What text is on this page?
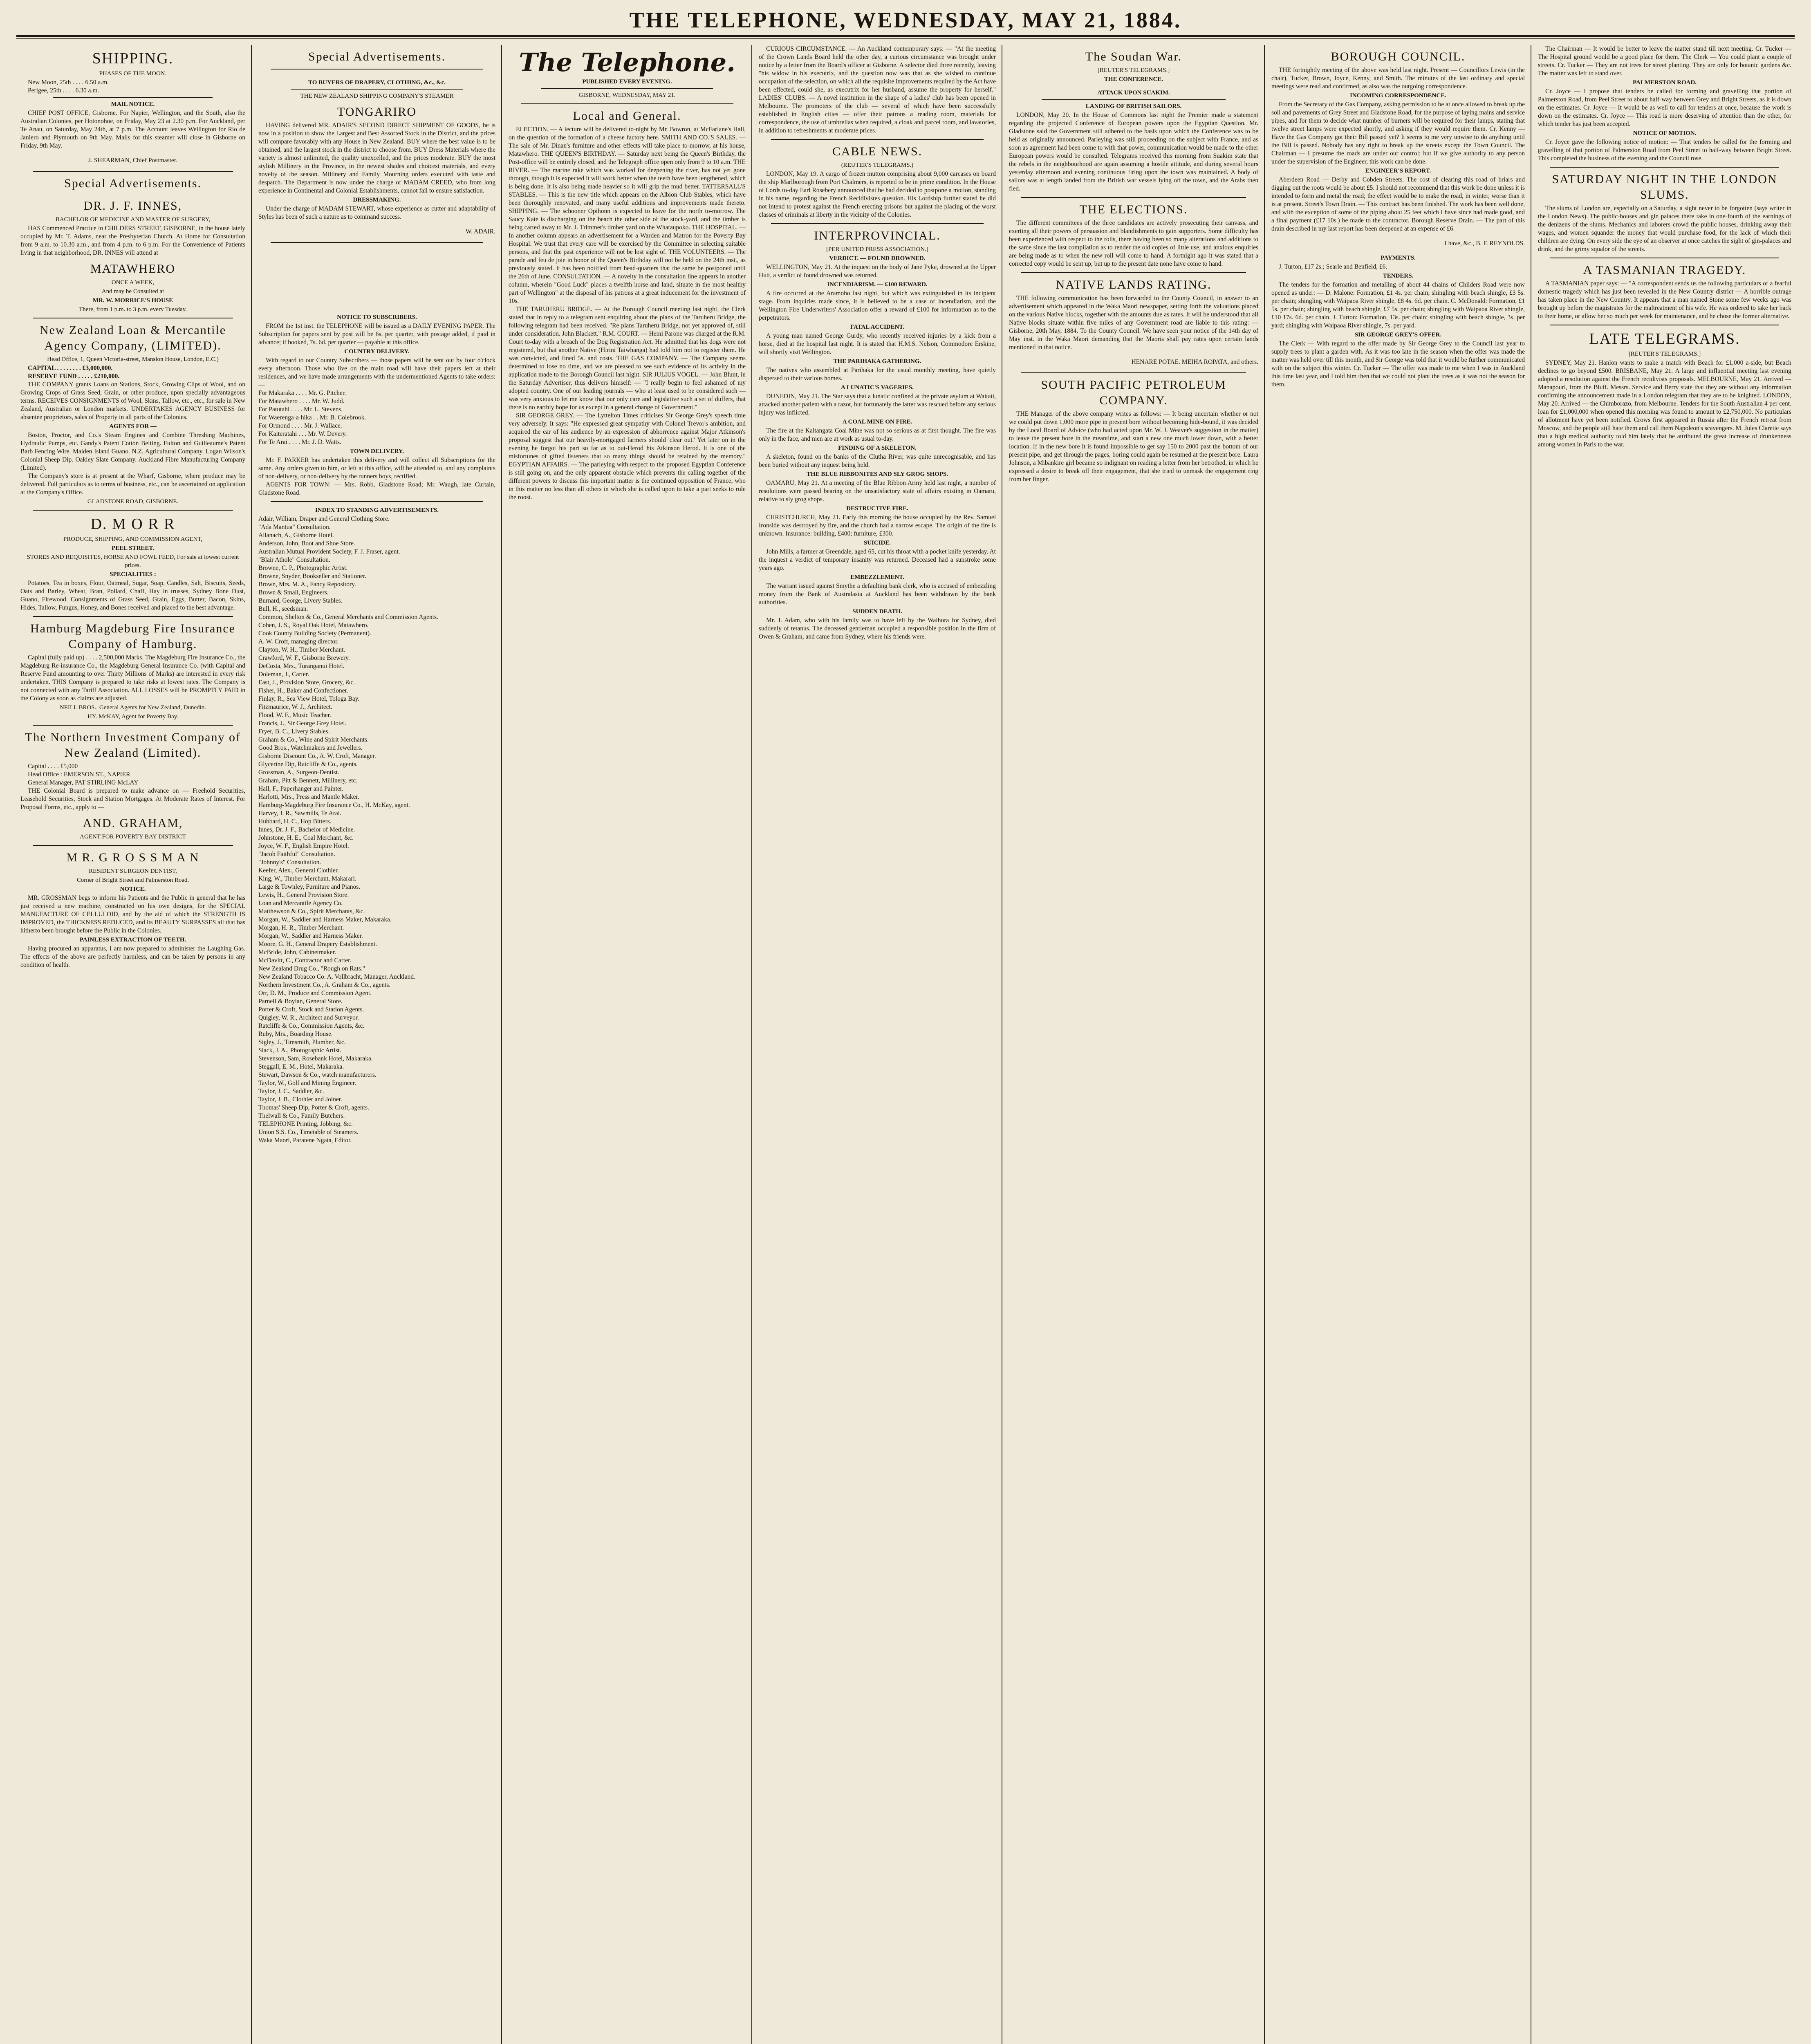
THE TELEPHONE, WEDNESDAY, MAY 21, 1884.
SHIPPING.
PHASES OF THE MOON.

New Moon, 25th . . . . 6.50 a.m.

Perigee, 25th . . . . 6.30 a.m.

MAIL NOTICE.

CHIEF POST OFFICE, Gisborne. For Napier, Wellington, and the South, also the Australian Colonies, per Hotonohoe, on Friday, May 23 at 2.30 p.m. For Auckland, per Te Anau, on Saturday, May 24th, at 7 p.m. The Account leaves Wellington for Rio de Janiero and Plymouth on 9th May. Mails for this steamer will close in Gisborne on Friday, 9th May.

J. SHEARMAN, Chief Postmaster.

Special Advertisements.
DR. J. F. INNES,
BACHELOR OF MEDICINE AND MASTER OF SURGERY,

HAS Commenced Practice in CHILDERS STREET, GISBORNE, in the house lately occupied by Mr. T. Adams, near the Presbyterian Church. At Home for Consultation from 9 a.m. to 10.30 a.m., and from 4 p.m. to 6 p.m. For the Convenience of Patients living in that neighborhood, DR. INNES will attend at

MATAWHERO
ONCE A WEEK,
And may be Consulted at
MR. W. MORRICE'S HOUSE
There, from 1 p.m. to 3 p.m. every Tuesday.
New Zealand Loan & Mercantile Agency Company, (LIMITED).
Head Office, 1, Queen Victoria-street, Mansion House, London, E.C.)

CAPITAL . . . . . . . . £3,000,000.

RESERVE FUND . . . . . £210,000.

THE COMPANY grants Loans on Stations, Stock, Growing Clips of Wool, and on Growing Crops of Grass Seed, Grain, or other produce, upon specially advantageous terms. RECEIVES CONSIGNMENTS of Wool, Skins, Tallow, etc., etc., for sale in New Zealand, Australian or London markets. UNDERTAKES AGENCY BUSINESS for absentee proprietors, sales of Property in all parts of the Colonies.

AGENTS FOR —

Boston, Proctor, and Co.'s Steam Engines and Combine Threshing Machines, Hydraulic Pumps, etc. Gandy's Patent Cotton Belting. Fulton and Guilleaume's Patent Barb Fencing Wire. Maiden Island Guano. N.Z. Agricultural Company. Logan Wilson's Colonial Sheep Dip. Oakley Slate Company. Auckland Fibre Manufacturing Company (Limited).

The Company's store is at present at the Wharf, Gisborne, where produce may be delivered. Full particulars as to terms of business, etc., can be ascertained on application at the Company's Office.

GLADSTONE ROAD, GISBORNE.
D. M O R R
PRODUCE, SHIPPING, AND COMMISSION AGENT,
PEEL STREET.
STORES AND REQUISITES, HORSE AND FOWL FEED, For sale at lowest current prices.
SPECIALITIES :

Potatoes, Tea in boxes, Flour, Oatmeal, Sugar, Soap, Candles, Salt, Biscuits, Seeds, Oats and Barley, Wheat, Bran, Pollard, Chaff, Hay in trusses, Sydney Bone Dust, Guano, Firewood. Consignments of Grass Seed, Grain, Eggs, Butter, Bacon, Skins, Hides, Tallow, Fungus, Honey, and Bones received and placed to the best advantage.

Hamburg Magdeburg Fire Insurance Company of Hamburg.

Capital (fully paid up) . . . . 2,500,000 Marks. The Magdeburg Fire Insurance Co., the Magdeburg Re-insurance Co., the Magdeburg General Insurance Co. (with Capital and Reserve Fund amounting to over Thirty Millions of Marks) are interested in every risk undertaken. THIS Company is prepared to take risks at lowest rates. The Company is not connected with any Tariff Association. ALL LOSSES will be PROMPTLY PAID in the Colony as soon as claims are adjusted.

NEILL BROS., General Agents for New Zealand, Dunedin.
HY. McKAY, Agent for Poverty Bay.
The Northern Investment Company of New Zealand (Limited).

Capital . . . . £5,000

Head Office : EMERSON ST., NAPIER

General Manager, PAT STIRLING McLAY

THE Colonial Board is prepared to make advance on — Freehold Securities, Leasehold Securities, Stock and Station Mortgages. At Moderate Rates of Interest. For Proposal Forms, etc., apply to —

AND. GRAHAM,
AGENT FOR POVERTY BAY DISTRICT
M R. G R O S S M A N
RESIDENT SURGEON DENTIST,
Corner of Bright Street and Palmerston Road.
NOTICE.

MR. GROSSMAN begs to inform his Patients and the Public in general that he has just received a new machine, constructed on his own designs, for the SPECIAL MANUFACTURE OF CELLULOID, and by the aid of which the STRENGTH IS IMPROVED, the THICKNESS REDUCED, and its BEAUTY SURPASSES all that has hitherto been brought before the Public in the Colonies.

PAINLESS EXTRACTION OF TEETH.

Having procured an apparatus, I am now prepared to administer the Laughing Gas. The effects of the above are perfectly harmless, and can be taken by persons in any condition of health.

Special Advertisements.
TO BUYERS OF DRAPERY, CLOTHING, &c., &c.
THE NEW ZEALAND SHIPPING COMPANY'S STEAMER
TONGARIRO

HAVING delivered MR. ADAIR'S SECOND DIRECT SHIPMENT OF GOODS, he is now in a position to show the Largest and Best Assorted Stock in the District, and the prices will compare favorably with any House in New Zealand. BUY where the best value is to be obtained, and the largest stock in the district to choose from. BUY Dress Materials where the variety is almost unlimited, the quality unexcelled, and the prices moderate. BUY the most stylish Millinery in the Province, in the newest shades and choicest materials, and every novelty of the season. Millinery and Family Mourning orders executed with taste and despatch. The Department is now under the charge of MADAM CREED, who from long experience in Continental and Colonial Establishments, cannot fail to ensure satisfaction.

DRESSMAKING.

Under the charge of MADAM STEWART, whose experience as cutter and adaptability of Styles has been of such a nature as to command success.

W. ADAIR.

NOTICE TO SUBSCRIBERS.

FROM the 1st inst. the TELEPHONE will be issued as a DAILY EVENING PAPER. The Subscription for papers sent by post will be 6s. per quarter, with postage added, if paid in advance; if booked, 7s. 6d. per quarter — payable at this office.

COUNTRY DELIVERY.

With regard to our Country Subscribers — those papers will be sent out by four o'clock every afternoon. Those who live on the main road will have their papers left at their residences, and we have made arrangements with the undermentioned Agents to take orders: —

For Makaraka . . . . Mr. G. Pitcher.

For Matawhero . . . . Mr. W. Judd.

For Patutahi . . . . Mr. L. Stevens.

For Waerenga-a-hika . . Mr. B. Colebrook.

For Ormond . . . . Mr. J. Wallace.

For Kaiteratahi . . . Mr. W. Devery.

For Te Arai . . . . Mr. J. D. Watts.

TOWN DELIVERY.

Mr. F. PARKER has undertaken this delivery and will collect all Subscriptions for the same. Any orders given to him, or left at this office, will be attended to, and any complaints of non-delivery, or non-delivery by the runners boys, rectified.

AGENTS FOR TOWN: — Mrs. Robb, Gladstone Road; Mr. Waugh, late Curtain, Gladstone Road.

INDEX TO STANDING ADVERTISEMENTS.

Adair, William, Draper and General Clothing Store.

"Ada Mantua" Consultation.

Allanach, A., Gisborne Hotel.

Anderson, John, Boot and Shoe Store.

Australian Mutual Provident Society, F. J. Fraser, agent.

"Blair Athole" Consultation.

Browne, C. P., Photographic Artist.

Browne, Snyder, Bookseller and Stationer.

Brown, Mrs. M. A., Fancy Repository.

Brown & Small, Engineers.

Burnard, George, Livery Stables.

Bull, H., seedsman.

Common, Shelton & Co., General Merchants and Commission Agents.

Cohen, J. S., Royal Oak Hotel, Matawhero.

Cook County Building Society (Permanent).

A. W. Croft, managing director.

Clayton, W. H., Timber Merchant.

Crawford, W. F., Gisborne Brewery.

DeCosta, Mrs., Turanganui Hotel.

Doleman, J., Carter.

East, J., Provision Store, Grocery, &c.

Fisher, H., Baker and Confectioner.

Finlay, R., Sea View Hotel, Tologa Bay.

Fitzmaurice, W. J., Architect.

Flood, W. F., Music Teacher.

Francis, J., Sir George Grey Hotel.

Fryer, B. C., Livery Stables.

Graham & Co., Wine and Spirit Merchants.

Good Bros., Watchmakers and Jewellers.

Gisborne Discount Co., A. W. Croft, Manager.

Glycerine Dip, Ratcliffe & Co., agents.

Grossman, A., Surgeon-Dentist.

Graham, Pitt & Bennett, Millinery, etc.

Hall, F., Paperhanger and Painter.

Harlotti, Mrs., Press and Mantle Maker.

Hamburg-Magdeburg Fire Insurance Co., H. McKay, agent.

Harvey, J. R., Sawmills, Te Arai.

Hubbard, H. C., Hop Bitters.

Innes, Dr. J. F., Bachelor of Medicine.

Johnstone, H. E., Coal Merchant, &c.

Joyce, W. F., English Empire Hotel.

"Jacob Faithful" Consultation.

"Johnny's" Consultation.

Keefer, Alex., General Clothier.

King, W., Timber Merchant, Makarari.

Large & Townley, Furniture and Pianos.

Lewis, H., General Provision Store.

Loan and Mercantile Agency Co.

Matthewson & Co., Spirit Merchants, &c.

Morgan, W., Saddler and Harness Maker, Makaraka.

Morgan, H. R., Timber Merchant.

Morgan, W., Saddler and Harness Maker.

Moore, G. H., General Drapery Establishment.

McBride, John, Cabinetmaker.

McDavitt, C., Contractor and Carter.

New Zealand Drug Co., "Rough on Rats."

New Zealand Tobacco Co. A. Vollbracht, Manager, Auckland.

Northern Investment Co., A. Graham & Co., agents.

Orr, D. M., Produce and Commission Agent.

Parnell & Boylan, General Store.

Porter & Croft, Stock and Station Agents.

Quigley, W. R., Architect and Surveyor.

Ratcliffe & Co., Commission Agents, &c.

Ruby, Mrs., Boarding House.

Sigley, J., Timsmith, Plumber, &c.

Slack, J. A., Photographic Artist.

Stevenson, Sam, Rosebank Hotel, Makaraka.

Steggall, E. M., Hotel, Makaraka.

Stewart, Dawson & Co., watch manufacturers.

Taylor, W., Golf and Mining Engineer.

Taylor, J. C., Saddler, &c.

Taylor, J. B., Clothier and Joiner.

Thomas' Sheep Dip, Porter & Croft, agents.

Thelwall & Co., Family Butchers.

TELEPHONE Printing, Jobbing, &c.

Union S.S. Co., Timetable of Steamers.

Waka Maori, Paratene Ngata, Editor.

The Telephone.
PUBLISHED EVERY EVENING.
GISBORNE, WEDNESDAY, MAY 21.
Local and General.

ELECTION. — A lecture will be delivered to-night by Mr. Bowron, at McFarlane's Hall, on the question of the formation of a cheese factory here. SMITH AND CO.'S SALES. — The sale of Mr. Dinan's furniture and other effects will take place to-morrow, at his house, Matawhero. THE QUEEN'S BIRTHDAY. — Saturday next being the Queen's Birthday, the Post-office will be entirely closed, and the Telegraph office open only from 9 to 10 a.m. THE RIVER. — The marine rake which was worked for deepening the river, has not yet gone through, though it is expected it will work better when the teeth have been lengthened, which is being done. It is also being made heavier so it will grip the mud better. TATTERSALL'S STABLES. — This is the new title which appears on the Albion Club Stables, which have been thoroughly renovated, and many useful additions and improvements made thereto. SHIPPING. — The schooner Opihonn is expected to leave for the north to-morrow. The Saucy Kate is discharging on the beach the other side of the stock-yard, and the timber is being carted away to Mr. J. Trimmer's timber yard on the Whataupoko. THE HOSPITAL. — In another column appears an advertisement for a Warden and Matron for the Poverty Bay Hospital. We trust that every care will be exercised by the Committee in selecting suitable persons, and that the past experience will not be lost sight of. THE VOLUNTEERS. — The parade and feu de joie in honor of the Queen's Birthday will not be held on the 24th inst., as previously stated. It has been notified from head-quarters that the same be postponed until the 26th of June. CONSULTATION. — A novelty in the consultation line appears in another column, wherein "Good Luck" places a twelfth horse and land, situate in the most healthy part of Wellington" at the disposal of his patrons at a great inducement for the investment of 10s.

THE TARUHERU BRIDGE. — At the Borough Council meeting last night, the Clerk stated that in reply to a telegram sent enquiring about the plans of the Taruheru Bridge, the following telegram had been received. "Re plans Taruheru Bridge, not yet approved of, still under consideration. John Blackett." R.M. COURT. — Hemi Parone was charged at the R.M. Court to-day with a breach of the Dog Registration Act. He admitted that his dogs were not registered, but that another Native (Hirini Taiwhanga) had told him not to register them. He was convicted, and fined 5s. and costs. THE GAS COMPANY. — The Company seems determined to lose no time, and we are pleased to see such evidence of its activity in the application made to the Borough Council last night. SIR JULIUS VOGEL. — John Blunt, in the Saturday Advertiser, thus delivers himself: — "I really begin to feel ashamed of my adopted country. One of our leading journals — who at least used to be considered such — was very anxious to let me know that our only care and legislative such a set of duffers, that there is no earthly hope for us except in a general change of Government."

SIR GEORGE GREY. — The Lyttelton Times criticises Sir George Grey's speech time very adversely. It says: "He expressed great sympathy with Colonel Trevor's ambition, and acquired the ear of his audience by an expression of abhorrence against Major Atkinson's proposal suggest that our heavily-mortgaged farmers should 'clear out.' Yet later on in the evening he forgot his part so far as to out-Herod his Atkinson Herod. It is one of the misfortunes of gifted listeners that so many things should be retained by the memory." EGYPTIAN AFFAIRS. — The parleying with respect to the proposed Egyptian Conference is still going on, and the only apparent obstacle which prevents the calling together of the different powers to discuss this important matter is the continued opposition of France, who in this matter no less than all others in which she is called upon to take a part seeks to rule the roost.

CURIOUS CIRCUMSTANCE. — An Auckland contemporary says: — "At the meeting of the Crown Lands Board held the other day, a curious circumstance was brought under notice by a letter from the Board's officer at Gisborne. A selector died three recently, leaving "his widow in his executrix, and the question now was that as she wished to continue occupation of the selection, on which all the requisite improvements required by the Act have been effected, could she, as executrix for her husband, assume the property for herself." LADIES' CLUBS. — A novel institution in the shape of a ladies' club has been opened in Melbourne. The promoters of the club — several of which have been successfully established in English cities — offer their patrons a reading room, materials for correspondence, the use of umbrellas when required, a cloak and parcel room, and lavatories, in addition to refreshments at moderate prices.

CABLE NEWS.
(REUTER'S TELEGRAMS.)

LONDON, May 19. A cargo of frozen mutton comprising about 9,000 carcases on board the ship Marlborough from Port Chalmers, is reported to be in prime condition. In the House of Lords to-day Earl Rosebery announced that he had decided to postpone a motion, standing in his name, regarding the French Recidivistes question. His Lordship further stated he did not intend to protest against the French erecting prisons but against the placing of the worst classes of criminals at liberty in the vicinity of the Colonies.

INTERPROVINCIAL.
[PER UNITED PRESS ASSOCIATION.]
VERDICT. — FOUND DROWNED.

WELLINGTON, May 21. At the inquest on the body of Jane Pyke, drowned at the Upper Hutt, a verdict of found drowned was returned.

INCENDIARISM. — £100 REWARD.

A fire occurred at the Aramoho last night, but which was extinguished in its incipient stage. From inquiries made since, it is believed to be a case of incendiarism, and the Wellington Fire Underwriters' Association offer a reward of £100 for information as to the perpetrators.

FATAL ACCIDENT.

A young man named George Gurdy, who recently received injuries by a kick from a horse, died at the hospital last night. It is stated that H.M.S. Nelson, Commodore Erskine, will shortly visit Wellington.

THE PARIHAKA GATHERING.

The natives who assembled at Parihaka for the usual monthly meeting, have quietly dispersed to their various homes.

A LUNATIC'S VAGERIES.

DUNEDIN, May 21. The Star says that a lunatic confined at the private asylum at Waitati, attacked another patient with a razor, but fortunately the latter was rescued before any serious injury was inflicted.

A COAL MINE ON FIRE.

The fire at the Kaitangata Coal Mine was not so serious as at first thought. The fire was only in the face, and men are at work as usual to-day.

FINDING OF A SKELETON.

A skeleton, found on the banks of the Clutha River, was quite unrecognisable, and has been buried without any inquest being held.

THE BLUE RIBBONITES AND SLY GROG SHOPS.

OAMARU, May 21. At a meeting of the Blue Ribbon Army held last night, a number of resolutions were passed bearing on the unsatisfactory state of affairs existing in Oamaru, relative to sly grog shops.

DESTRUCTIVE FIRE.

CHRISTCHURCH, May 21. Early this morning the house occupied by the Rev. Samuel Ironside was destroyed by fire, and the church had a narrow escape. The origin of the fire is unknown. Insurance: building, £400; furniture, £300.

SUICIDE.

John Mills, a farmer at Greendale, aged 65, cut his throat with a pocket knife yesterday. At the inquest a verdict of temporary insanity was returned. Deceased had a sunstroke some years ago.

EMBEZZLEMENT.

The warrant issued against Smythe a defaulting bank clerk, who is accused of embezzling money from the Bank of Australasia at Auckland has been withdrawn by the bank authorities.

SUDDEN DEATH.

Mr. J. Adam, who with his family was to have left by the Waihora for Sydney, died suddenly of tetanus. The deceased gentleman occupied a responsible position in the firm of Owen & Graham, and came from Sydney, where his friends were.

The Soudan War.
[REUTER'S TELEGRAMS.]
THE CONFERENCE.
ATTACK UPON SUAKIM.
LANDING OF BRITISH SAILORS.

LONDON, May 20. In the House of Commons last night the Premier made a statement regarding the projected Conference of European powers upon the Egyptian Question. Mr. Gladstone said the Government still adhered to the basis upon which the Conference was to be held as originally announced. Parleying was still proceeding on the subject with France, and as soon as agreement had been come to with that power, communication would be made to the other European powers would be consulted. Telegrams received this morning from Suakim state that the rebels in the neighbourhood are again assuming a hostile attitude, and during several hours yesterday afternoon and evening continuous firing upon the town was maintained. A body of sailors was at length landed from the British war vessels lying off the town, and the Arabs then fled.

THE ELECTIONS.

The different committees of the three candidates are actively prosecuting their canvass, and exerting all their powers of persuasion and blandishments to gain supporters. Some difficulty has been experienced with respect to the rolls, there having been so many alterations and additions to the same since the last compilation as to render the old copies of little use, and anxious enquiries are being made as to when the new roll will come to hand. A fortnight ago it was stated that a corrected copy would be sent up, but up to the present date none have come to hand.

NATIVE LANDS RATING.

THE following communication has been forwarded to the County Council, in answer to an advertisement which appeared in the Waka Maori newspaper, setting forth the valuations placed on the various Native blocks, together with the amounts due as rates. It will be understood that all Native blocks situate within five miles of any Government road are liable to this rating: — Gisborne, 20th May, 1884. To the County Council. We have seen your notice of the 14th day of May inst. in the Waka Maori demanding that the Maoris shall pay rates upon certain lands mentioned in that notice.

HENARE POTAE. MEIHA ROPATA, and others.

SOUTH PACIFIC PETROLEUM COMPANY.

THE Manager of the above company writes as follows: — It being uncertain whether or not we could put down 1,000 more pipe in present bore without becoming hide-bound, it was decided by the Local Board of Advice (who had acted upon Mr. W. J. Weaver's suggestion in the matter) to leave the present bore in the meantime, and start a new one much lower down, with a better location. If in the new bore it is found impossible to get say 150 to 2000 past the bottom of our present pipe, and get through the pages, boring could again be resumed at the present bore. Laura Johnson, a Mibankire girl became so indignant on reading a letter from her betrothed, in which he expressed a desire to break off their engagement, that she tried to unmask the engagement ring from her finger.

BOROUGH COUNCIL.

THE fortnightly meeting of the above was held last night. Present — Councillors Lewis (in the chair), Tucker, Brown, Joyce, Kenny, and Smith. The minutes of the last ordinary and special meetings were read and confirmed, as also was the outgoing correspondence.

INCOMING CORRESPONDENCE.

From the Secretary of the Gas Company, asking permission to be at once allowed to break up the soil and pavements of Grey Street and Gladstone Road, for the purpose of laying mains and service pipes, and for them to decide what number of burners will be required for their lamps, stating that twelve street lamps were expected shortly, and asking if they would require them. Cr. Kenny — Have the Gas Company got their Bill passed yet? It seems to me very unwise to do anything until the Bill is passed. Nobody has any right to break up the streets except the Town Council. The Chairman — I presume the roads are under our control; but if we give authority to any person under the supervision of the Engineer, this work can be done.

ENGINEER'S REPORT.

Aberdeen Road — Derby and Cobden Streets. The cost of clearing this road of briars and digging out the roots would be about £5. I should not recommend that this work be done unless it is intended to form and metal the road; the effect would be to make the road, in winter, worse than it is at present. Street's Town Drain. — This contract has been finished. The work has been well done, and with the exception of some of the piping about 25 feet which I have since had made good, and a final payment (£17 10s.) be made to the contractor. Borough Reserve Drain. — The part of this drain described in my last report has been deepened at an expense of £6.

I have, &c., B. F. REYNOLDS.

PAYMENTS.

J. Turton, £17 2s.; Searle and Benfield, £6.

TENDERS.

The tenders for the formation and metalling of about 44 chains of Childers Road were now opened as under: — D. Malone: Formation, £1 4s. per chain; shingling with beach shingle, £3 5s. per chain; shingling with Waipaoa River shingle, £8 4s. 6d. per chain. C. McDonald: Formation, £1 5s. per chain; shingling with beach shingle, £7 5s. per chain; shingling with Waipaoa River shingle, £10 17s. 6d. per chain. J. Turton: Formation, 13s. per chain; shingling with beach shingle, 3s. per yard; shingling with Waipaoa River shingle, 7s. per yard.

SIR GEORGE GREY'S OFFER.

The Clerk — With regard to the offer made by Sir George Grey to the Council last year to supply trees to plant a garden with. As it was too late in the season when the offer was made the matter was held over till this month, and Sir George was told that it would be further communicated with on the subject this winter. Cr. Tucker — The offer was made to me when I was in Auckland this time last year, and I told him then that we could not plant the trees as it was not the season for them.

The Chairman — It would be better to leave the matter stand till next meeting. Cr. Tucker — The Hospital ground would be a good place for them. The Clerk — You could plant a couple of streets. Cr. Tucker — They are not trees for street planting. They are only for botanic gardens &c. The matter was left to stand over.

PALMERSTON ROAD.

Cr. Joyce — I propose that tenders be called for forming and gravelling that portion of Palmerston Road, from Peel Street to about half-way between Grey and Bright Streets, as it is down on the estimates. Cr. Joyce — It would be as well to call for tenders at once, because the work is down on the estimates. Cr. Joyce — This road is more deserving of attention than the other, for which tender has just been accepted.

NOTICE OF MOTION.

Cr. Joyce gave the following notice of motion: — That tenders be called for the forming and gravelling of that portion of Palmerston Road from Peel Street to half-way between Bright Street. This completed the business of the evening and the Council rose.

SATURDAY NIGHT IN THE LONDON SLUMS.

The slums of London are, especially on a Saturday, a sight never to be forgotten (says writer in the London News). The public-houses and gin palaces there take in one-fourth of the earnings of the denizens of the slums. Mechanics and laborers crowd the public houses, drinking away their wages, and women squander the money that would purchase food, for the lack of which their children are dying. On every side the eye of an observer at once catches the sight of gin-palaces and drink, and the grimy squalor of the streets.

A TASMANIAN TRAGEDY.

A TASMANIAN paper says: — "A correspondent sends us the following particulars of a fearful domestic tragedy which has just been revealed in the New Country district — A horrible outrage has taken place in the New Country. It appears that a man named Stone some few weeks ago was brought up before the magistrates for the maltreatment of his wife. He was ordered to take her back to their home, or allow her so much per week for maintenance, and he chose the former alternative.

LATE TELEGRAMS.
[REUTER'S TELEGRAMS.]

SYDNEY, May 21. Hanlon wants to make a match with Beach for £1,000 a-side, but Beach declines to go beyond £500. BRISBANE, May 21. A large and influential meeting last evening adopted a resolution against the French recidivists proposals. MELBOURNE, May 21. Arrived — Manapouri, from the Bluff. Messrs. Service and Berry state that they are without any information confirming the announcement made in a London telegram that they are to be knighted. LONDON, May 20. Arrived — the Chimborazo, from Melbourne. Tenders for the South Australian 4 per cent. loan for £1,000,000 when opened this morning was found to amount to £2,750,000. No particulars of allotment have yet been notified. Crows first appeared in Russia after the French retreat from Moscow, and the people still hate them and call them Napoleon's scavengers. M. Jules Claretie says that a high medical authority told him lately that he attributed the great increase of drunkenness among women in Paris to the war.
